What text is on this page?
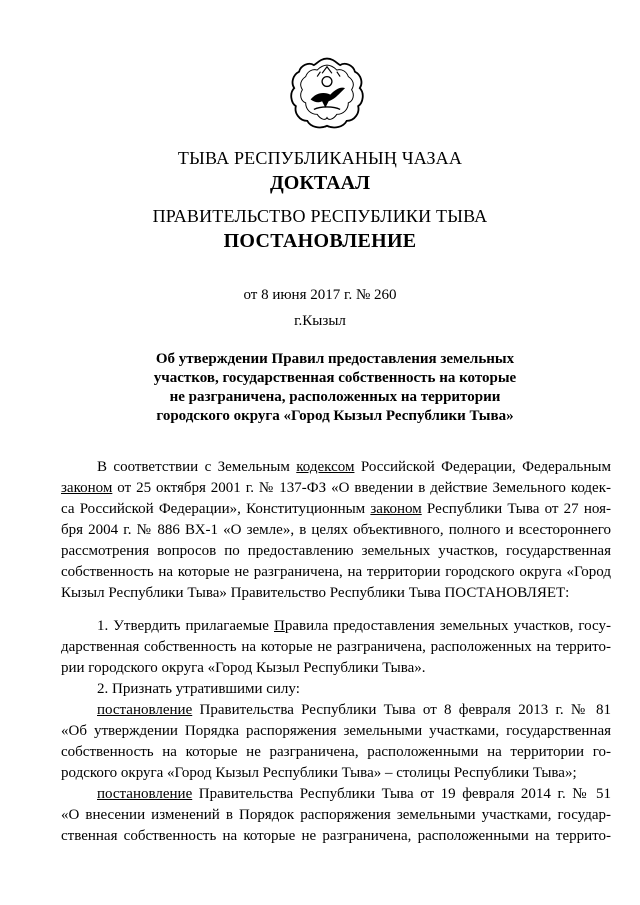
ТЫВА РЕСПУБЛИКАНЫҢ ЧАЗАА
ДОКТААЛ
ПРАВИТЕЛЬСТВО РЕСПУБЛИКИ ТЫВА
ПОСТАНОВЛЕНИЕ
от 8 июня 2017 г. № 260
г.Кызыл
Об утверждении Правил предоставления земельных
участков, государственная собственность на которые
не разграничена, расположенных на территории
городского округа «Город Кызыл Республики Тыва»
В соответствии с Земельным кодексом Российской Федерации, Федеральным
законом от 25 октября 2001 г. № 137-ФЗ «О введении в действие Земельного кодек-
са Российской Федерации», Конституционным законом Республики Тыва от 27 ноя-
бря 2004 г. № 886 ВХ-1 «О земле», в целях объективного, полного и всестороннего
рассмотрения вопросов по предоставлению земельных участков, государственная
собственность на которые не разграничена, на территории городского округа «Город
Кызыл Республики Тыва» Правительство Республики Тыва ПОСТАНОВЛЯЕТ:
1. Утвердить прилагаемые Правила предоставления земельных участков, госу-
дарственная собственность на которые не разграничена, расположенных на террито-
рии городского округа «Город Кызыл Республики Тыва».
2. Признать утратившими силу:
постановление Правительства Республики Тыва от 8 февраля 2013 г. № 81
«Об утверждении Порядка распоряжения земельными участками, государственная
собственность на которые не разграничена, расположенными на территории го-
родского округа «Город Кызыл Республики Тыва» – столицы Республики Тыва»;
постановление Правительства Республики Тыва от 19 февраля 2014 г. № 51
«О внесении изменений в Порядок распоряжения земельными участками, государ-
ственная собственность на которые не разграничена, расположенными на террито-
